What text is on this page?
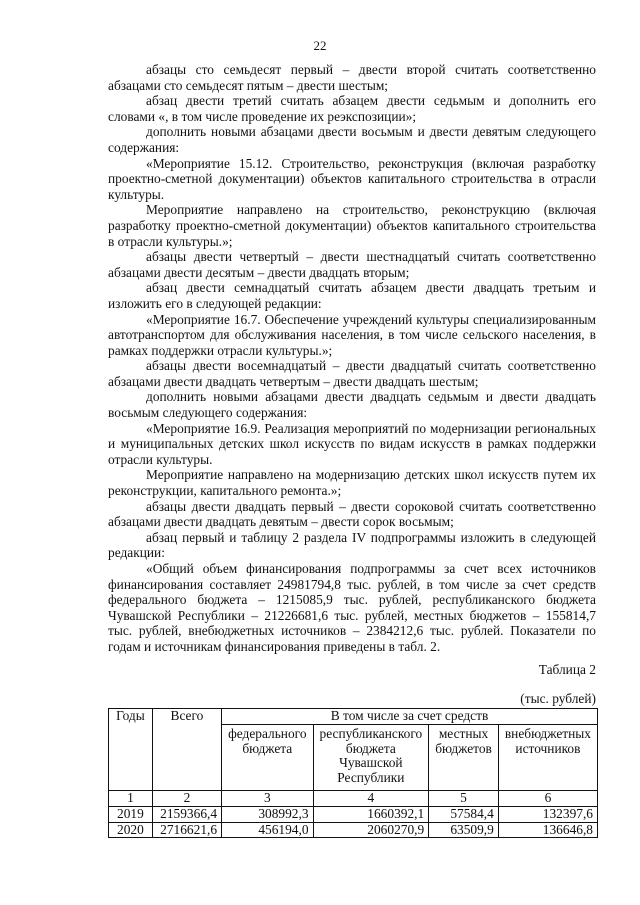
22

абзацы сто семьдесят первый – двести второй считать соответственно абзацами сто семьдесят пятым – двести шестым;

абзац двести третий считать абзацем двести седьмым и дополнить его словами «, в том числе проведение их реэкспозиции»;

дополнить новыми абзацами двести восьмым и двести девятым следующего содержания:

«Мероприятие 15.12. Строительство, реконструкция (включая разработку проектно-сметной документации) объектов капитального строительства в отрасли культуры.

Мероприятие направлено на строительство, реконструкцию (включая разработку проектно-сметной документации) объектов капитального строительства в отрасли культуры.»;

абзацы двести четвертый – двести шестнадцатый считать соответственно абзацами двести десятым – двести двадцать вторым;

абзац двести семнадцатый считать абзацем двести двадцать третьим и изложить его в следующей редакции:

«Мероприятие 16.7. Обеспечение учреждений культуры специализированным автотранспортом для обслуживания населения, в том числе сельского населения, в рамках поддержки отрасли культуры.»;

абзацы двести восемнадцатый – двести двадцатый считать соответственно абзацами двести двадцать четвертым – двести двадцать шестым;

дополнить новыми абзацами двести двадцать седьмым и двести двадцать восьмым следующего содержания:

«Мероприятие 16.9. Реализация мероприятий по модернизации региональных и муниципальных детских школ искусств по видам искусств в рамках поддержки отрасли культуры.

Мероприятие направлено на модернизацию детских школ искусств путем их реконструкции, капитального ремонта.»;

абзацы двести двадцать первый – двести сороковой считать соответственно абзацами двести двадцать девятым – двести сорок восьмым;

абзац первый и таблицу 2 раздела IV подпрограммы изложить в следующей редакции:

«Общий объем финансирования подпрограммы за счет всех источников финансирования составляет 24981794,8 тыс. рублей, в том числе за счет средств федерального бюджета – 1215085,9 тыс. рублей, республиканского бюджета Чувашской Республики – 21226681,6 тыс. рублей, местных бюджетов – 155814,7 тыс. рублей, внебюджетных источников – 2384212,6 тыс. рублей. Показатели по годам и источникам финансирования приведены в табл. 2.

Таблица 2
(тыс. рублей)
Годы	Всего	В том числе за счет средств			
		федерального бюджета	республиканского бюджета Чувашской Республики	местных бюджетов	внебюджетных источников
1	2	3	4	5	6
2019	2159366,4	308992,3	1660392,1	57584,4	132397,6
2020	2716621,6	456194,0	2060270,9	63509,9	136646,8
